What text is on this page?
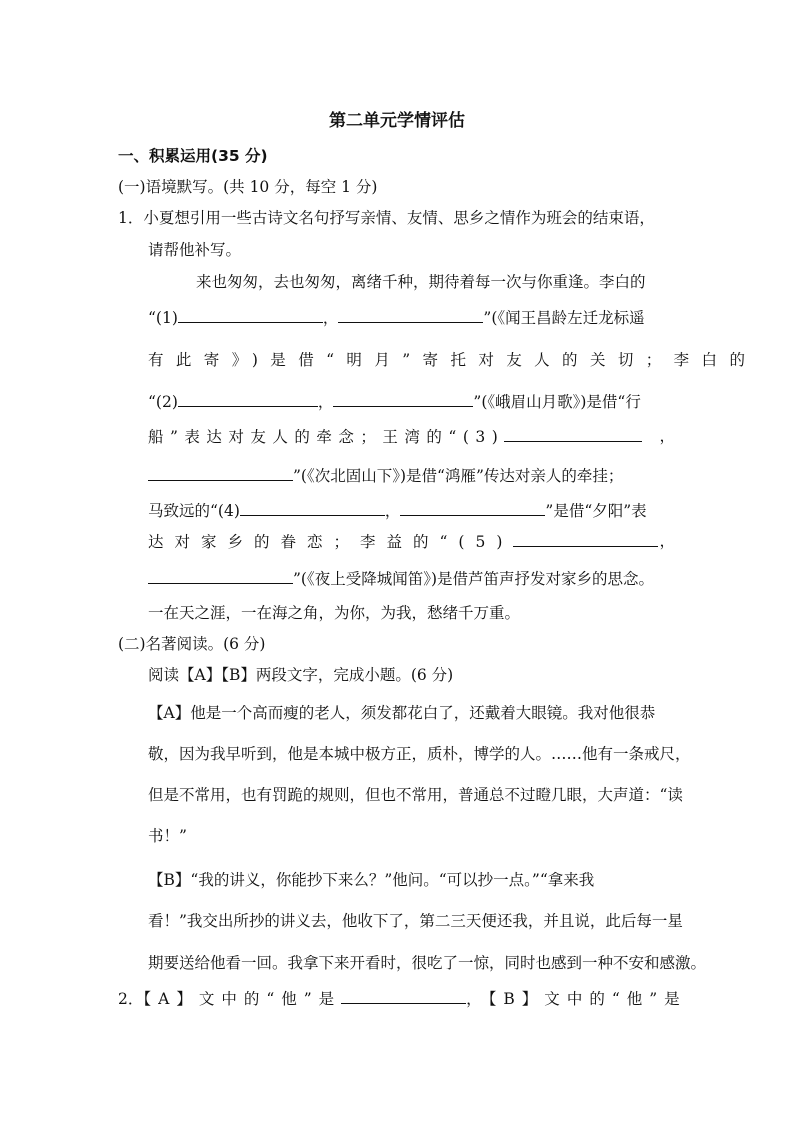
第二单元学情评估
一、积累运用(35 分)
(一)语境默写。(共 10 分，每空 1 分)
1．小夏想引用一些古诗文名句抒写亲情、友情、思乡之情作为班会的结束语，
请帮他补写。
来也匆匆，去也匆匆，离绪千种，期待着每一次与你重逢。李白的
“(1)	，	”(《闻王昌龄左迁龙标遥
有此寄》)是借“明月”寄托对友人的关切；李白的
“(2)	，	”(《峨眉山月歌》)是借“行
船”表达对友人的牵念；王湾的“(3)	，
”(《次北固山下》)是借“鸿雁”传达对亲人的牵挂；
马致远的“(4)	，	”是借“夕阳”表
达对家乡的眷恋；李益的“(5)	，
”(《夜上受降城闻笛》)是借芦笛声抒发对家乡的思念。
一在天之涯，一在海之角，为你，为我，愁绪千万重。
(二)名著阅读。(6 分)
阅读【A】【B】两段文字，完成小题。(6 分)
【A】他是一个高而瘦的老人，须发都花白了，还戴着大眼镜。我对他很恭
敬，因为我早听到，他是本城中极方正，质朴，博学的人。……他有一条戒尺，
但是不常用，也有罚跪的规则，但也不常用，普通总不过瞪几眼，大声道：“读
书！”
【B】“我的讲义，你能抄下来么？”他问。“可以抄一点。”“拿来我
看！”我交出所抄的讲义去，他收下了，第二三天便还我，并且说，此后每一星
期要送给他看一回。我拿下来开看时，很吃了一惊，同时也感到一种不安和感激。
2．【A】文中的“他”是	，【B】文中的“他”是
